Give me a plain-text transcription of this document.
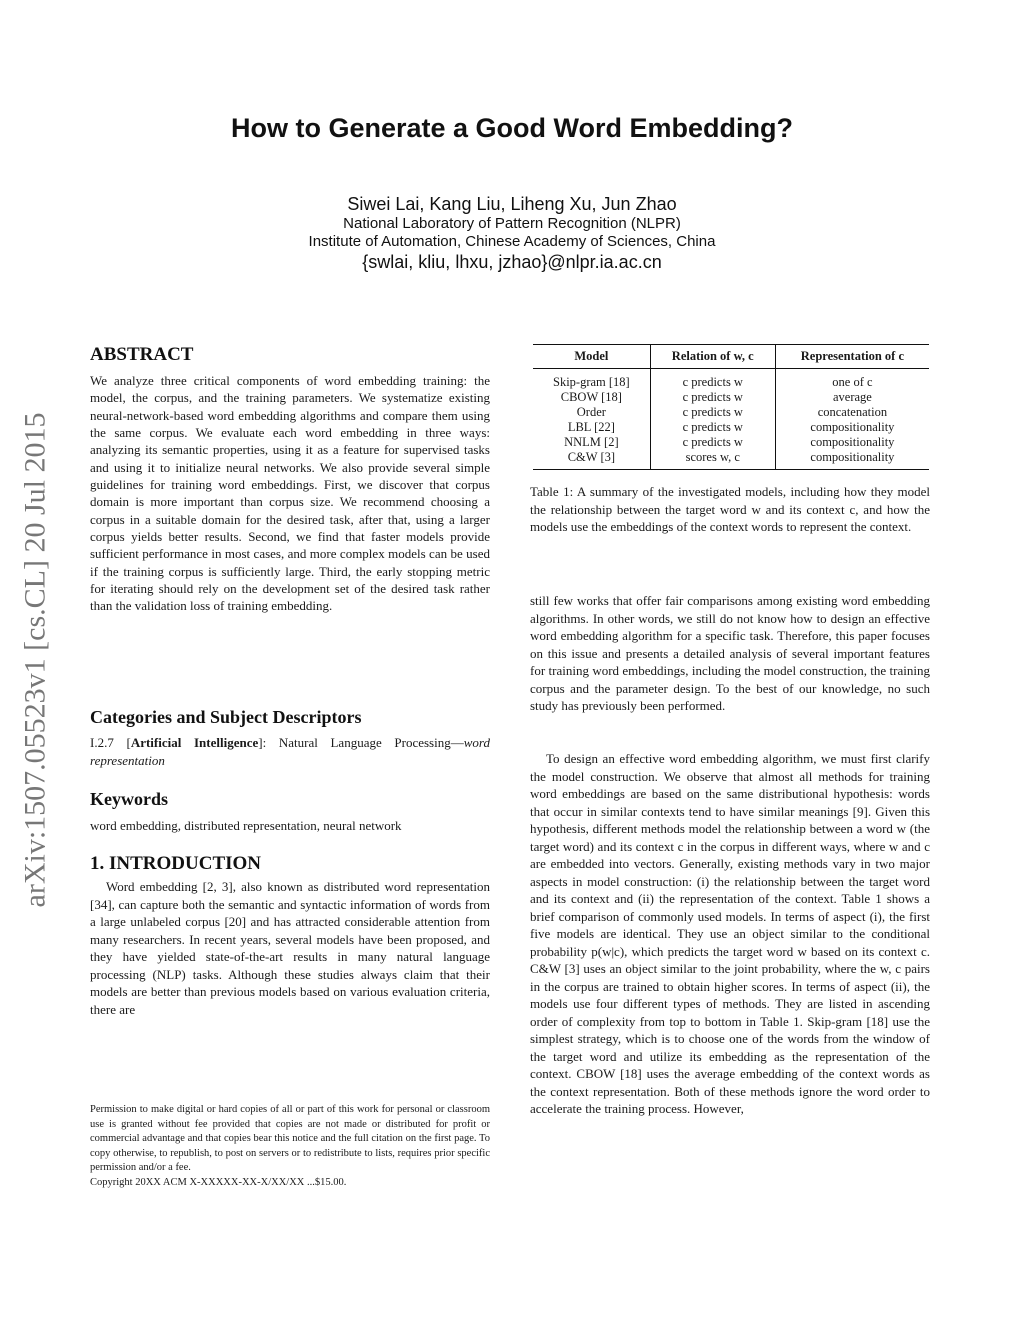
arXiv:1507.05523v1 [cs.CL] 20 Jul 2015
How to Generate a Good Word Embedding?
Siwei Lai, Kang Liu, Liheng Xu, Jun Zhao
National Laboratory of Pattern Recognition (NLPR)
Institute of Automation, Chinese Academy of Sciences, China
{swlai, kliu, lhxu, jzhao}@nlpr.ia.ac.cn
ABSTRACT

We analyze three critical components of word embedding training: the model, the corpus, and the training parameters. We systematize existing neural-network-based word embedding algorithms and compare them using the same corpus. We evaluate each word embedding in three ways: analyzing its semantic properties, using it as a feature for supervised tasks and using it to initialize neural networks. We also provide several simple guidelines for training word embeddings. First, we discover that corpus domain is more important than corpus size. We recommend choosing a corpus in a suitable domain for the desired task, after that, using a larger corpus yields better results. Second, we find that faster models provide sufficient performance in most cases, and more complex models can be used if the training corpus is sufficiently large. Third, the early stopping metric for iterating should rely on the development set of the desired task rather than the validation loss of training embedding.

Categories and Subject Descriptors

I.2.7 [Artificial Intelligence]: Natural Language Processing—word representation

Keywords

word embedding, distributed representation, neural network

1. INTRODUCTION

Word embedding [2, 3], also known as distributed word representation [34], can capture both the semantic and syntactic information of words from a large unlabeled corpus [20] and has attracted considerable attention from many researchers. In recent years, several models have been proposed, and they have yielded state-of-the-art results in many natural language processing (NLP) tasks. Although these studies always claim that their models are better than previous models based on various evaluation criteria, there are

Permission to make digital or hard copies of all or part of this work for personal or classroom use is granted without fee provided that copies are not made or distributed for profit or commercial advantage and that copies bear this notice and the full citation on the first page. To copy otherwise, to republish, to post on servers or to redistribute to lists, requires prior specific permission and/or a fee.

Copyright 20XX ACM X-XXXXX-XX-X/XX/XX ...$15.00.

Model	Relation of w, c	Representation of c
Skip-gram [18]	c predicts w	one of c
CBOW [18]	c predicts w	average
Order	c predicts w	concatenation
LBL [22]	c predicts w	compositionality
NNLM [2]	c predicts w	compositionality
C&W [3]	scores w, c	compositionality

Table 1: A summary of the investigated models, including how they model the relationship between the target word w and its context c, and how the models use the embeddings of the context words to represent the context.

still few works that offer fair comparisons among existing word embedding algorithms. In other words, we still do not know how to design an effective word embedding algorithm for a specific task. Therefore, this paper focuses on this issue and presents a detailed analysis of several important features for training word embeddings, including the model construction, the training corpus and the parameter design. To the best of our knowledge, no such study has previously been performed.

To design an effective word embedding algorithm, we must first clarify the model construction. We observe that almost all methods for training word embeddings are based on the same distributional hypothesis: words that occur in similar contexts tend to have similar meanings [9]. Given this hypothesis, different methods model the relationship between a word w (the target word) and its context c in the corpus in different ways, where w and c are embedded into vectors. Generally, existing methods vary in two major aspects in model construction: (i) the relationship between the target word and its context and (ii) the representation of the context. Table 1 shows a brief comparison of commonly used models. In terms of aspect (i), the first five models are identical. They use an object similar to the conditional probability p(w|c), which predicts the target word w based on its context c. C&W [3] uses an object similar to the joint probability, where the w, c pairs in the corpus are trained to obtain higher scores. In terms of aspect (ii), the models use four different types of methods. They are listed in ascending order of complexity from top to bottom in Table 1. Skip-gram [18] use the simplest strategy, which is to choose one of the words from the window of the target word and utilize its embedding as the representation of the context. CBOW [18] uses the average embedding of the context words as the context representation. Both of these methods ignore the word order to accelerate the training process. However,
